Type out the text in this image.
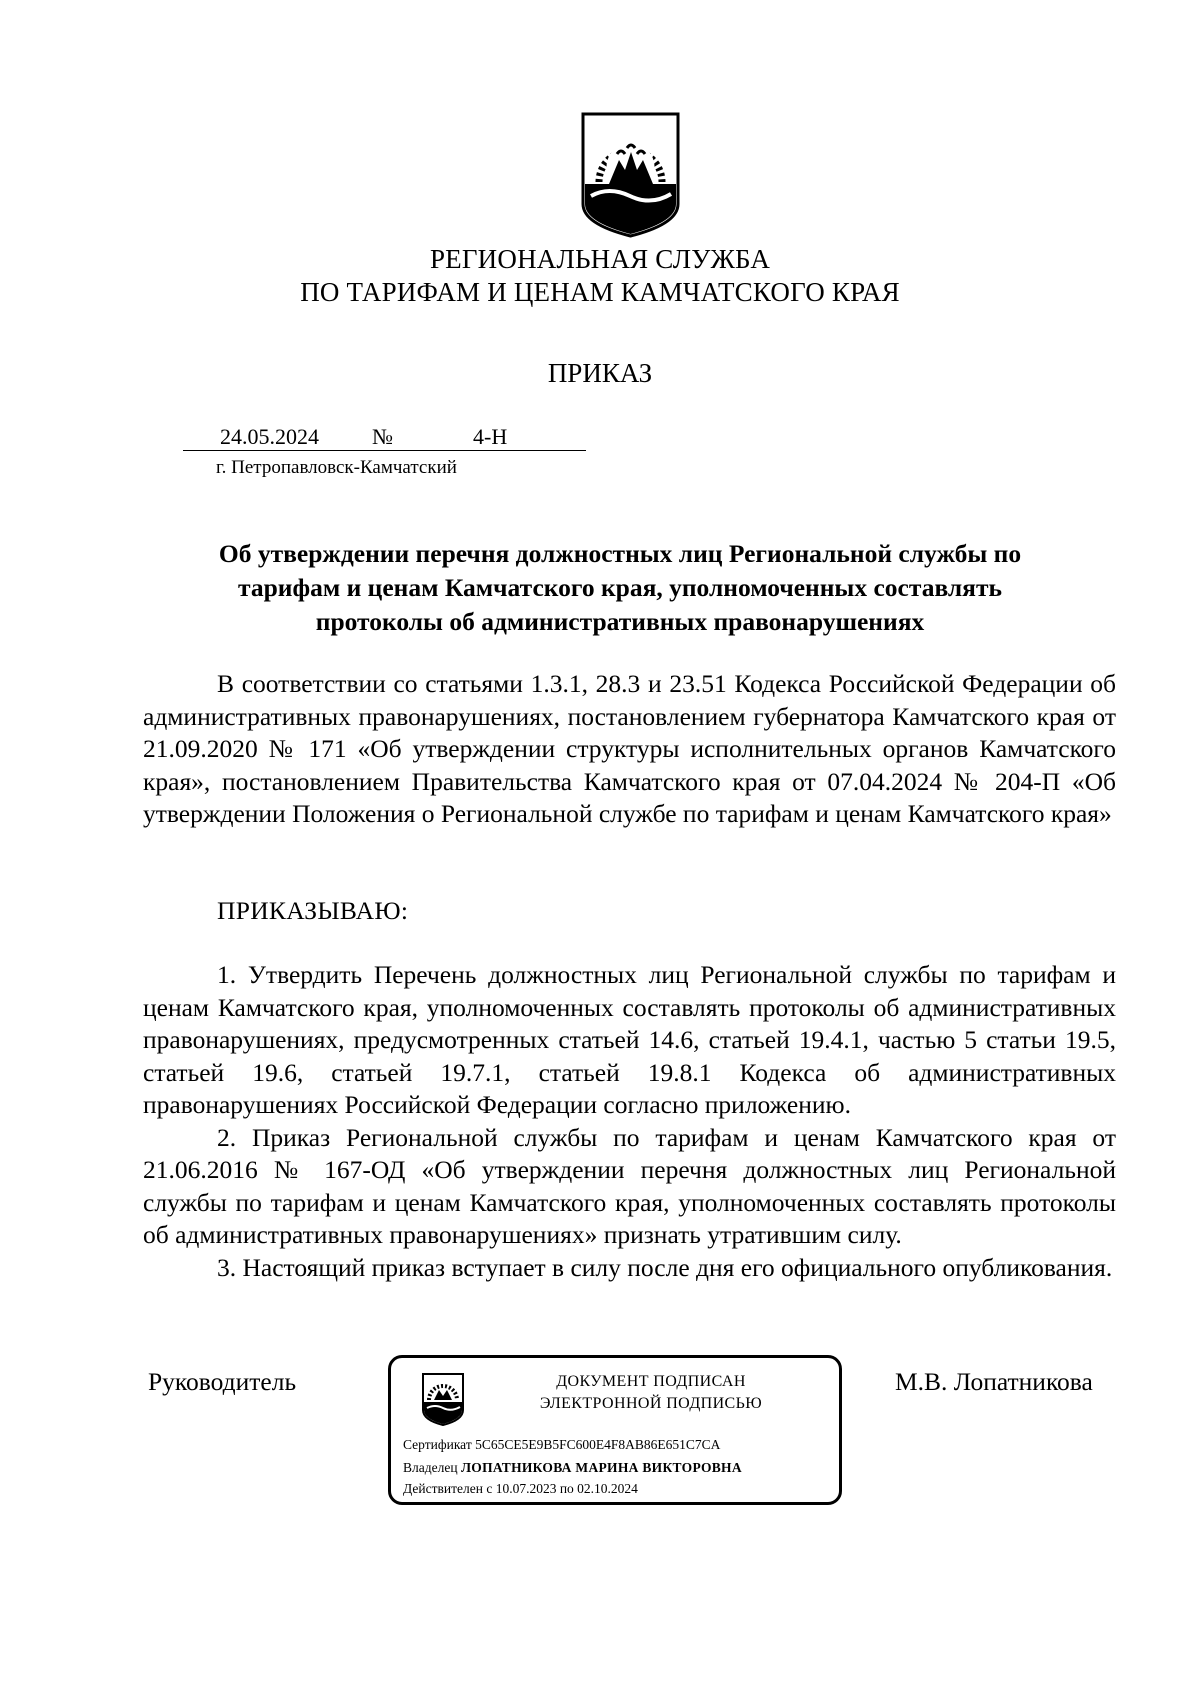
РЕГИОНАЛЬНАЯ СЛУЖБА
ПО ТАРИФАМ И ЦЕНАМ КАМЧАТСКОГО КРАЯ
ПРИКАЗ
24.05.2024 №	4-Н
г. Петропавловск-Камчатский
Об утверждении перечня должностных лиц Региональной службы по
тарифам и ценам Камчатского края, уполномоченных составлять
протоколы об административных правонарушениях

В соответствии со статьями 1.3.1, 28.3 и 23.51 Кодекса Российской Федерации об административных правонарушениях, постановлением губернатора Камчатского края от 21.09.2020 № 171 «Об утверждении структуры исполнительных органов Камчатского края», постановлением Правительства Камчатского края от 07.04.2024 № 204-П «Об утверждении Положения о Региональной службе по тарифам и ценам Камчатского края»

ПРИКАЗЫВАЮ:

1. Утвердить Перечень должностных лиц Региональной службы по тарифам и ценам Камчатского края, уполномоченных составлять протоколы об административных правонарушениях, предусмотренных статьей 14.6, статьей 19.4.1, частью 5 статьи 19.5, статьей 19.6, статьей 19.7.1, статьей 19.8.1 Кодекса об административных правонарушениях Российской Федерации согласно приложению.

2. Приказ Региональной службы по тарифам и ценам Камчатского края от 21.06.2016 № 167-ОД «Об утверждении перечня должностных лиц Региональной службы по тарифам и ценам Камчатского края, уполномоченных составлять протоколы об административных правонарушениях» признать утратившим силу.

3. Настоящий приказ вступает в силу после дня его официального опубликования.

Руководитель	М.В. Лопатникова
ДОКУМЕНТ ПОДПИСАН
ЭЛЕКТРОННОЙ ПОДПИСЬЮ
Сертификат 5C65CE5E9B5FC600E4F8AB86E651C7CA
Владелец ЛОПАТНИКОВА МАРИНА ВИКТОРОВНА
Действителен с 10.07.2023 по 02.10.2024
